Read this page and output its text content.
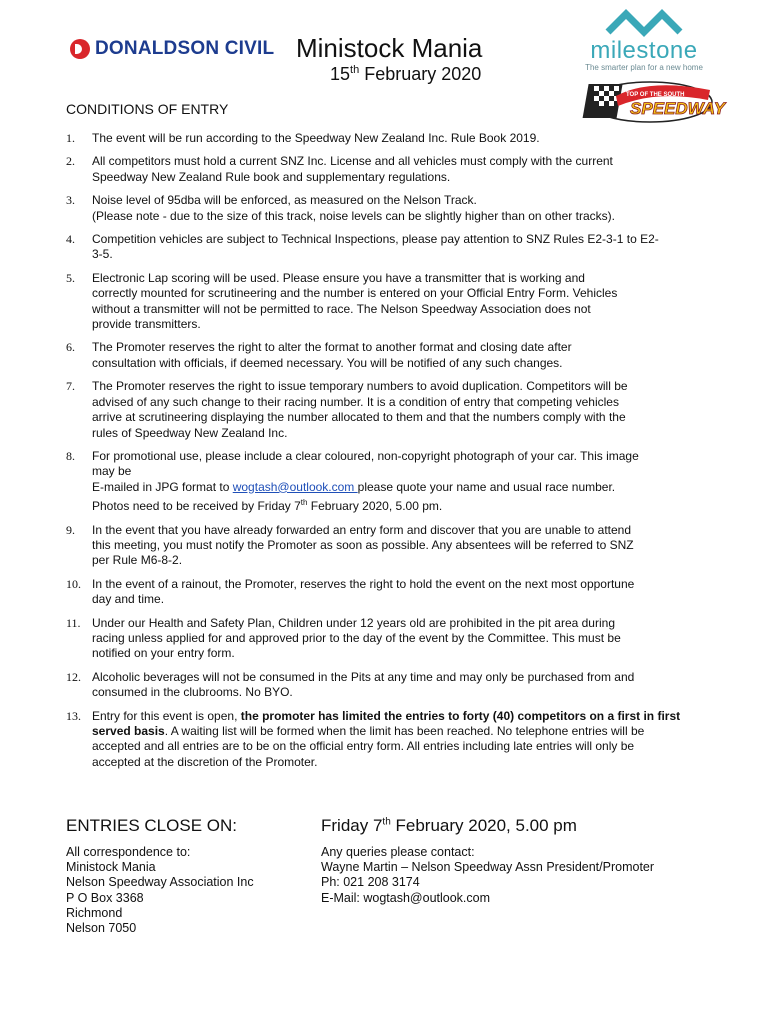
DONALDSON CIVIL Ministock Mania
15th February 2020
milestone
The smarter plan for a new home
TOP OF THE SOUTH
SPEEDWAY
CONDITIONS OF ENTRY
1.	The event will be run according to the Speedway New Zealand Inc. Rule Book 2019.
2.	All competitors must hold a current SNZ Inc. License and all vehicles must comply with the current
Speedway New Zealand Rule book and supplementary regulations.
3.	Noise level of 95dba will be enforced, as measured on the Nelson Track.
(Please note - due to the size of this track, noise levels can be slightly higher than on other tracks).
4.	Competition vehicles are subject to Technical Inspections, please pay attention to SNZ Rules E2-3-1 to E2-
3-5.
5.	Electronic Lap scoring will be used. Please ensure you have a transmitter that is working and
correctly mounted for scrutineering and the number is entered on your Official Entry Form. Vehicles
without a transmitter will not be permitted to race. The Nelson Speedway Association does not
provide transmitters.
6.	The Promoter reserves the right to alter the format to another format and closing date after
consultation with officials, if deemed necessary. You will be notified of any such changes.
7.	The Promoter reserves the right to issue temporary numbers to avoid duplication. Competitors will be
advised of any such change to their racing number. It is a condition of entry that competing vehicles
arrive at scrutineering displaying the number allocated to them and that the numbers comply with the
rules of Speedway New Zealand Inc.
8.	For promotional use, please include a clear coloured, non-copyright photograph of your car. This image
may be
E-mailed in JPG format to wogtash@outlook.com please quote your name and usual race number.
Photos need to be received by Friday 7th February 2020, 5.00 pm.
9.	In the event that you have already forwarded an entry form and discover that you are unable to attend
this meeting, you must notify the Promoter as soon as possible. Any absentees will be referred to SNZ
per Rule M6-8-2.
10. In the event of a rainout, the Promoter, reserves the right to hold the event on the next most opportune
day and time.
11. Under our Health and Safety Plan, Children under 12 years old are prohibited in the pit area during
racing unless applied for and approved prior to the day of the event by the Committee. This must be
notified on your entry form.
12. Alcoholic beverages will not be consumed in the Pits at any time and may only be purchased from and
consumed in the clubrooms. No BYO.
13. Entry for this event is open, the promoter has limited the entries to forty (40) competitors on a first in first
served basis. A waiting list will be formed when the limit has been reached. No telephone entries will be
accepted and all entries are to be on the official entry form. All entries including late entries will only be
accepted at the discretion of the Promoter.
ENTRIES CLOSE ON:	Friday 7th February 2020, 5.00 pm
All correspondence to:
Ministock Mania
Nelson Speedway Association Inc
P O Box 3368
Richmond
Nelson 7050
Any queries please contact:
Wayne Martin – Nelson Speedway Assn President/Promoter
Ph: 021 208 3174
E-Mail: wogtash@outlook.com
